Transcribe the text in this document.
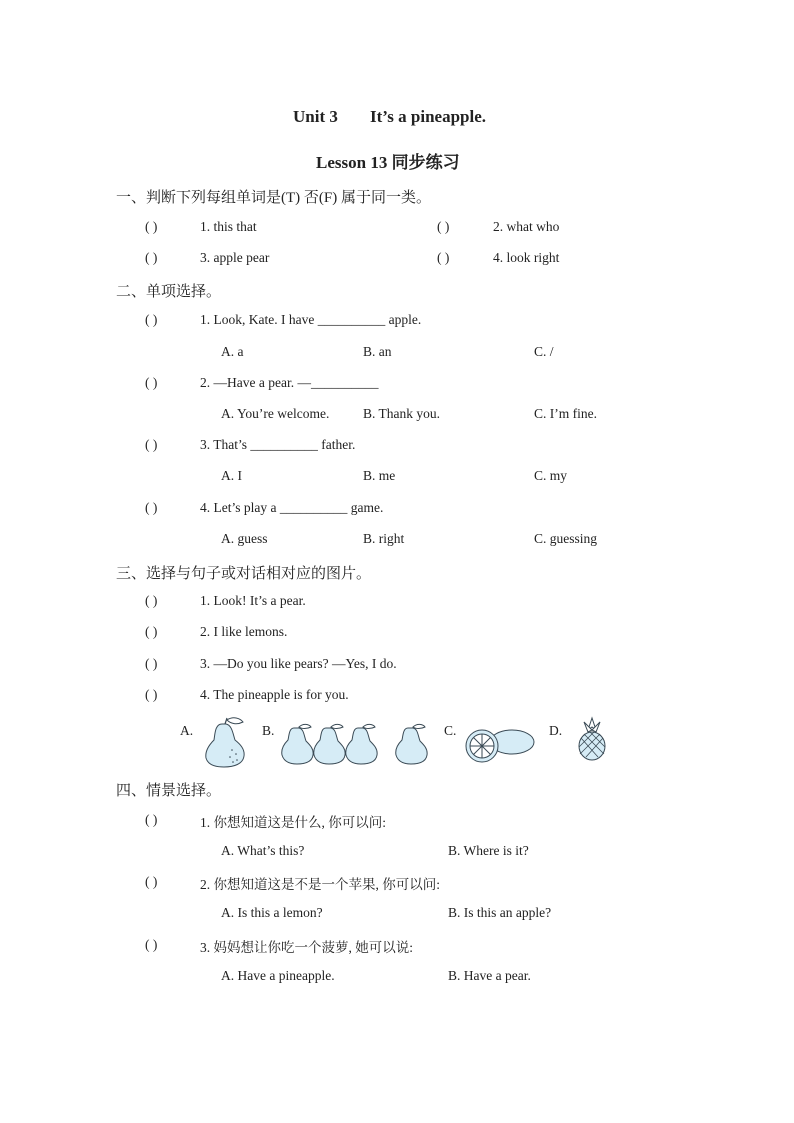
Unit 3 It’s a pineapple.
Lesson 13 同步练习
一、判断下列每组单词是(T) 否(F) 属于同一类。
( )	1. this that	( )	2. what who
( )	3. apple pear	( )	4. look right
二、单项选择。
( )	1. Look, Kate. I have __________ apple.
A. a	B. an	C. /
( )	2. —Have a pear. —__________
A. You’re welcome. B. Thank you.	C. I’m fine.
( )	3. That’s __________ father.
A. I	B. me	C. my
( )	4. Let’s play a __________ game.
A. guess	B. right	C. guessing
三、选择与句子或对话相对应的图片。
( )	1. Look! It’s a pear.
( )	2. I like lemons.
( )	3. —Do you like pears? —Yes, I do.
( )	4. The pineapple is for you.
A.	B.	C.	D.
四、情景选择。
( )	1. 你想知道这是什么, 你可以问:
A. What’s this?	B. Where is it?
( )	2. 你想知道这是不是一个苹果, 你可以问:
A. Is this a lemon?	B. Is this an apple?
( )	3. 妈妈想让你吃一个菠萝, 她可以说:
A. Have a pineapple.	B. Have a pear.
